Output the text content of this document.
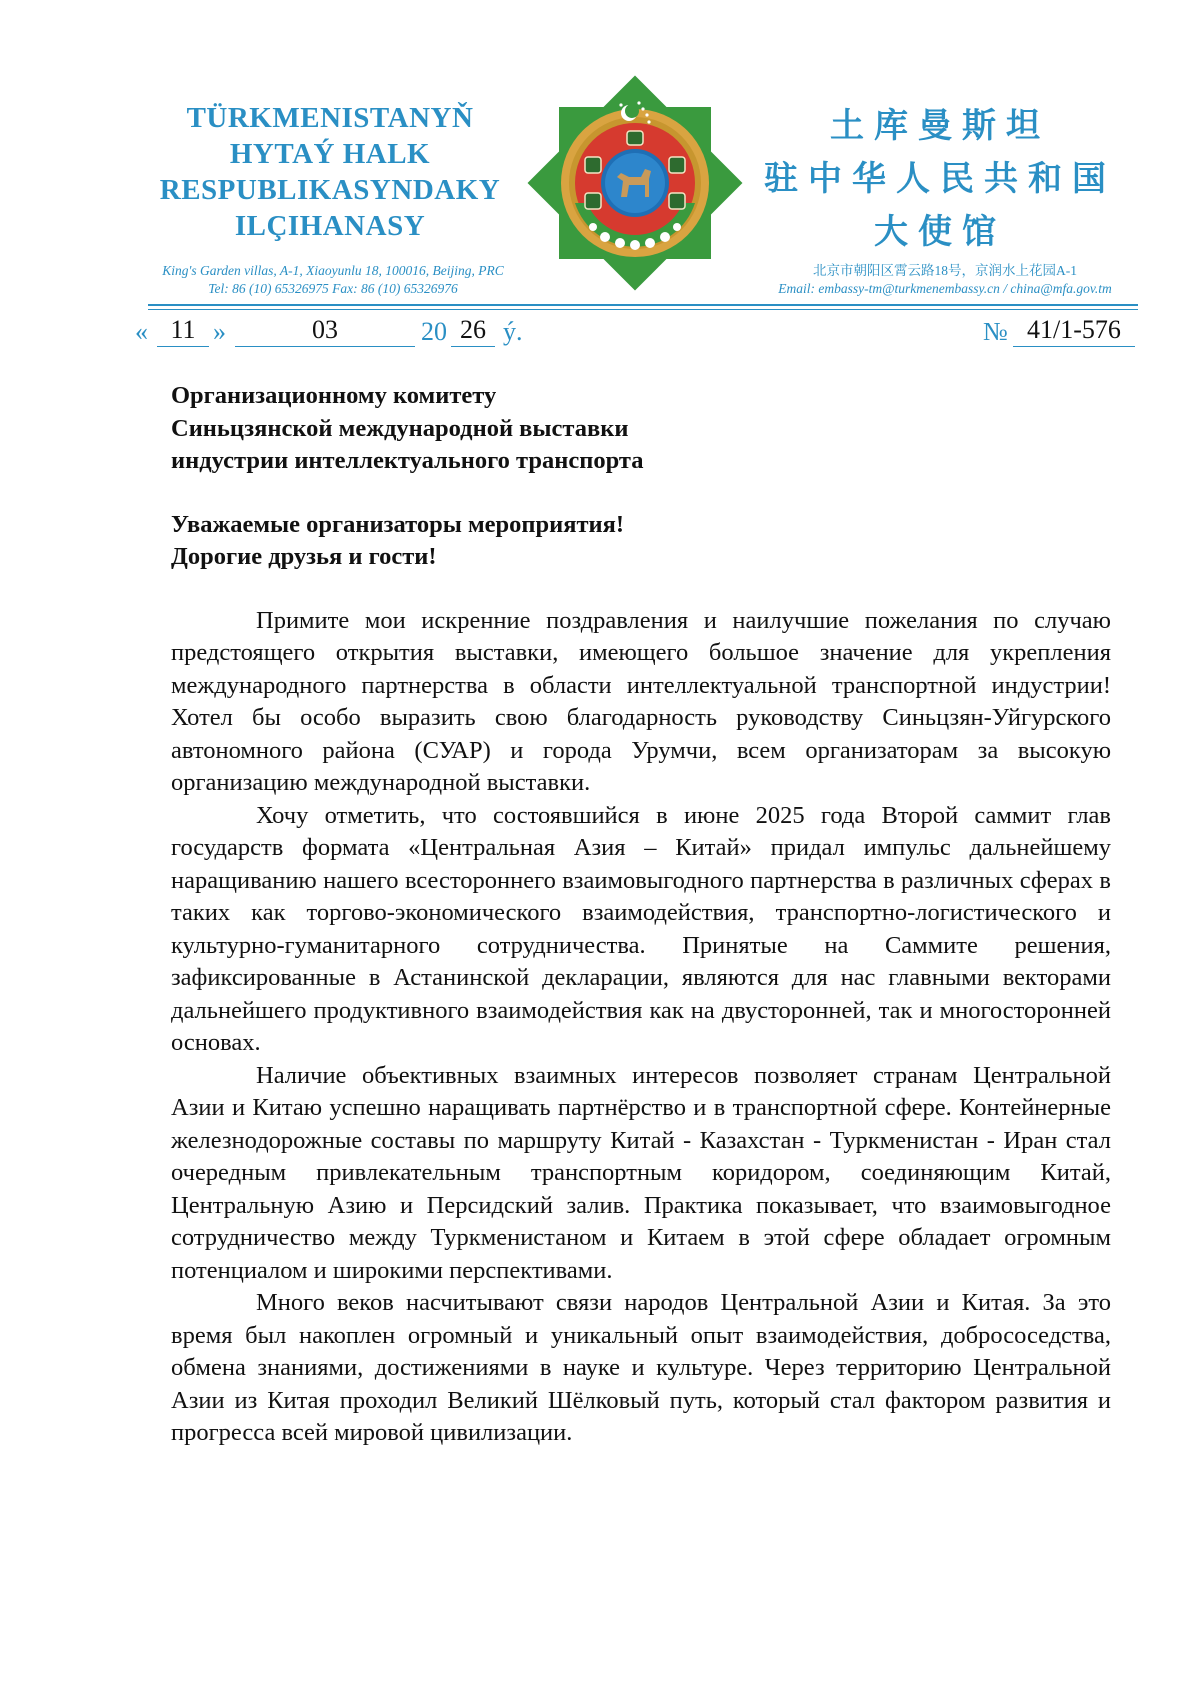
TÜRKMENISTANYŇ
HYTAÝ HALK
RESPUBLIKASYNDAKY
ILÇIHANASY
土库曼斯坦
驻中华人民共和国
大使馆
King's Garden villas, A-1, Xiaoyunlu 18, 100016, Beijing, PRC
Tel: 86 (10) 65326975 Fax: 86 (10) 65326976
北京市朝阳区霄云路18号，京润水上花园A-1
Email: embassy-tm@turkmenembassy.cn / china@mfa.gov.tm
« 11 »	03	20 26 ý.	№ 41/1-576
Организационному комитету
Синьцзянской международной выставки
индустрии интеллектуального транспорта
Уважаемые организаторы мероприятия!
Дорогие друзья и гости!

Примите мои искренние поздравления и наилучшие пожелания по случаю предстоящего открытия выставки, имеющего большое значение для укрепления международного партнерства в области интеллектуальной транспортной индустрии! Хотел бы особо выразить свою благодарность руководству Синьцзян-Уйгурского автономного района (СУАР) и города Урумчи, всем организаторам за высокую организацию международной выставки.

Хочу отметить, что состоявшийся в июне 2025 года Второй саммит глав государств формата «Центральная Азия – Китай» придал импульс дальнейшему наращиванию нашего всестороннего взаимовыгодного партнерства в различных сферах в таких как торгово-экономического взаимодействия, транспортно-логистического и культурно-гуманитарного сотрудничества. Принятые на Саммите решения, зафиксированные в Астанинской декларации, являются для нас главными векторами дальнейшего продуктивного взаимодействия как на двусторонней, так и многосторонней основах.

Наличие объективных взаимных интересов позволяет странам Центральной Азии и Китаю успешно наращивать партнёрство и в транспортной сфере. Контейнерные железнодорожные составы по маршруту Китай - Казахстан - Туркменистан - Иран стал очередным привлекательным транспортным коридором, соединяющим Китай, Центральную Азию и Персидский залив. Практика показывает, что взаимовыгодное сотрудничество между Туркменистаном и Китаем в этой сфере обладает огромным потенциалом и широкими перспективами.

Много веков насчитывают связи народов Центральной Азии и Китая. За это время был накоплен огромный и уникальный опыт взаимодействия, добрососедства, обмена знаниями, достижениями в науке и культуре. Через территорию Центральной Азии из Китая проходил Великий Шёлковый путь, который стал фактором развития и прогресса всей мировой цивилизации.
